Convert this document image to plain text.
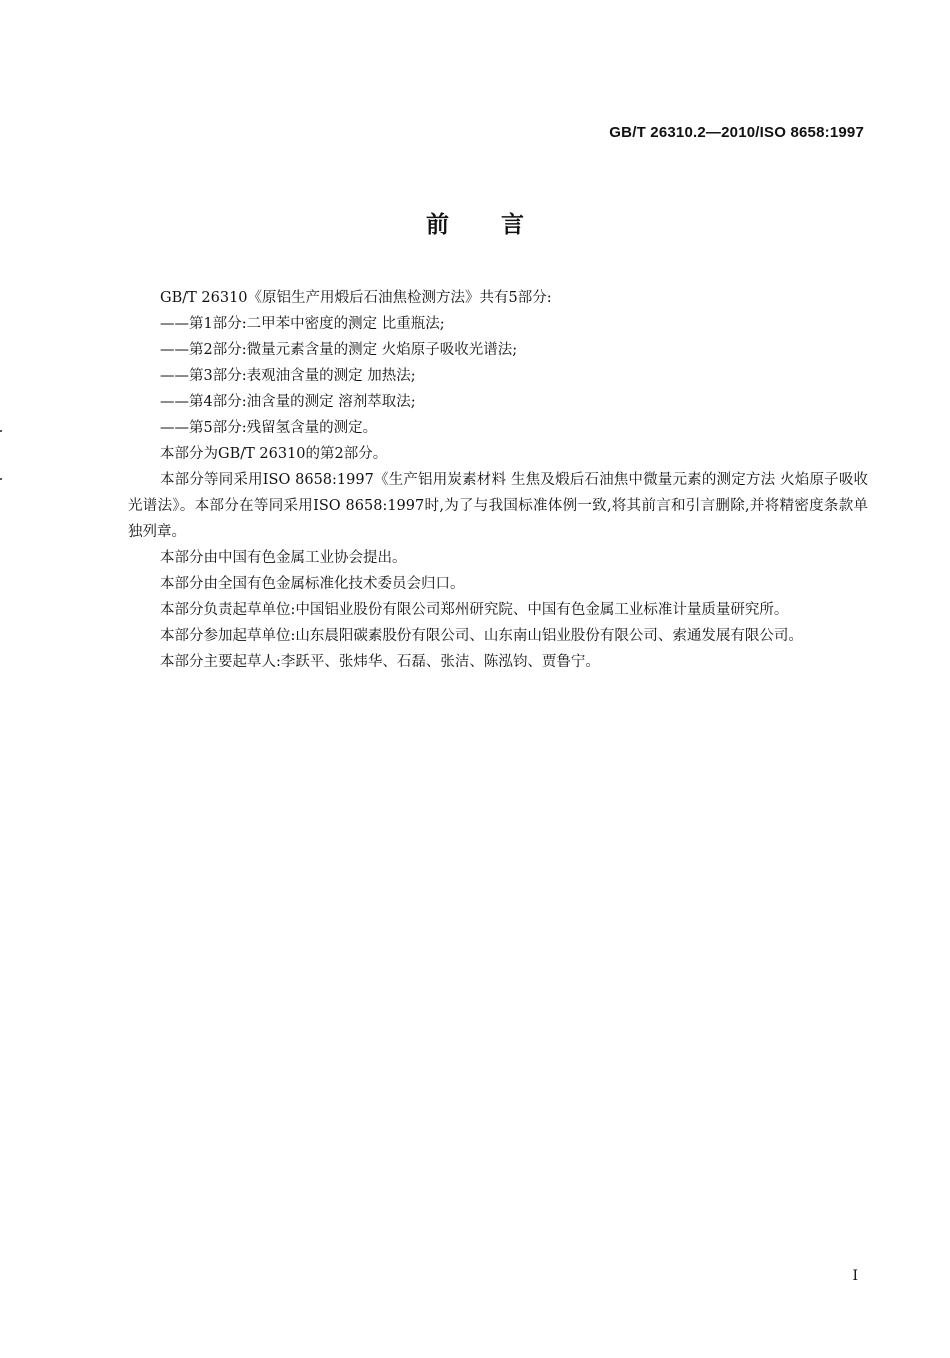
GB/T 26310.2—2010/ISO 8658:1997
前言

GB/T 26310《原铝生产用煅后石油焦检测方法》共有5部分:

——第1部分:二甲苯中密度的测定 比重瓶法;

——第2部分:微量元素含量的测定 火焰原子吸收光谱法;

——第3部分:表观油含量的测定 加热法;

——第4部分:油含量的测定 溶剂萃取法;

——第5部分:残留氢含量的测定。

本部分为GB/T 26310的第2部分。

本部分等同采用ISO 8658:1997《生产铝用炭素材料 生焦及煅后石油焦中微量元素的测定方法 火焰原子吸收光谱法》。本部分在等同采用ISO 8658:1997时,为了与我国标准体例一致,将其前言和引言删除,并将精密度条款单独列章。

本部分由中国有色金属工业协会提出。

本部分由全国有色金属标准化技术委员会归口。

本部分负责起草单位:中国铝业股份有限公司郑州研究院、中国有色金属工业标准计量质量研究所。

本部分参加起草单位:山东晨阳碳素股份有限公司、山东南山铝业股份有限公司、索通发展有限公司。

本部分主要起草人:李跃平、张炜华、石磊、张洁、陈泓钧、贾鲁宁。

I
